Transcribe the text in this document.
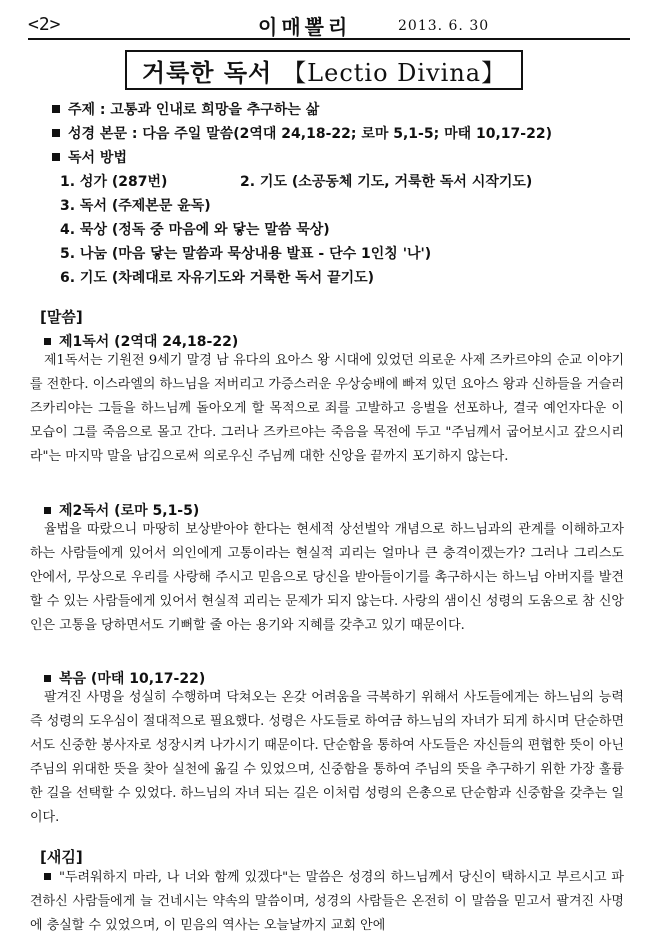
<2>	이매뽈리	2013. 6. 30
거룩한 독서 【Lectio Divina】
주제 : 고통과 인내로 희망을 추구하는 삶
성경 본문 : 다음 주일 말씀(2역대 24,18-22; 로마 5,1-5; 마태 10,17-22)
독서 방법
1. 성가 (287번)	2. 기도 (소공동체 기도, 거룩한 독서 시작기도)
3. 독서 (주제본문 윤독)
4. 묵상 (정독 중 마음에 와 닿는 말씀 묵상)
5. 나눔 (마음 닿는 말씀과 묵상내용 발표 - 단수 1인칭 '나')
6. 기도 (차례대로 자유기도와 거룩한 독서 끝기도)
[말씀]
제1독서 (2역대 24,18-22)
제1독서는 기원전 9세기 말경 남 유다의 요아스 왕 시대에 있었던 의로운 사제 즈카르야의 순교 이야기를 전한다. 이스라엘의 하느님을 저버리고 가증스러운 우상숭배에 빠져 있던 요아스 왕과 신하들을 거슬러 즈카리야는 그들을 하느님께 돌아오게 할 목적으로 죄를 고발하고 응벌을 선포하나, 결국 예언자다운 이 모습이 그를 죽음으로 몰고 간다. 그러나 즈카르야는 죽음을 목전에 두고 "주님께서 굽어보시고 갚으시리라"는 마지막 말을 남김으로써 의로우신 주님께 대한 신앙을 끝까지 포기하지 않는다.
제2독서 (로마 5,1-5)
율법을 따랐으니 마땅히 보상받아야 한다는 현세적 상선벌악 개념으로 하느님과의 관계를 이해하고자 하는 사람들에게 있어서 의인에게 고통이라는 현실적 괴리는 얼마나 큰 충격이겠는가? 그러나 그리스도 안에서, 무상으로 우리를 사랑해 주시고 믿음으로 당신을 받아들이기를 촉구하시는 하느님 아버지를 발견할 수 있는 사람들에게 있어서 현실적 괴리는 문제가 되지 않는다. 사랑의 샘이신 성령의 도움으로 참 신앙인은 고통을 당하면서도 기뻐할 줄 아는 용기와 지혜를 갖추고 있기 때문이다.
복음 (마태 10,17-22)
팔겨진 사명을 성실히 수행하며 닥쳐오는 온갖 어려움을 극복하기 위해서 사도들에게는 하느님의 능력 즉 성령의 도우심이 절대적으로 필요했다. 성령은 사도들로 하여금 하느님의 자녀가 되게 하시며 단순하면서도 신중한 봉사자로 성장시켜 나가시기 때문이다. 단순함을 통하여 사도들은 자신들의 편협한 뜻이 아닌 주님의 위대한 뜻을 찾아 실천에 옮길 수 있었으며, 신중함을 통하여 주님의 뜻을 추구하기 위한 가장 훌륭한 길을 선택할 수 있었다. 하느님의 자녀 되는 길은 이처럼 성령의 은총으로 단순함과 신중함을 갖추는 일이다.
[새김]
"두려워하지 마라, 나 너와 함께 있겠다"는 말씀은 성경의 하느님께서 당신이 택하시고 부르시고 파견하신 사람들에게 늘 건네시는 약속의 말씀이며, 성경의 사람들은 온전히 이 말씀을 믿고서 팔겨진 사명에 충실할 수 있었으며, 이 믿음의 역사는 오늘날까지 교회 안에
